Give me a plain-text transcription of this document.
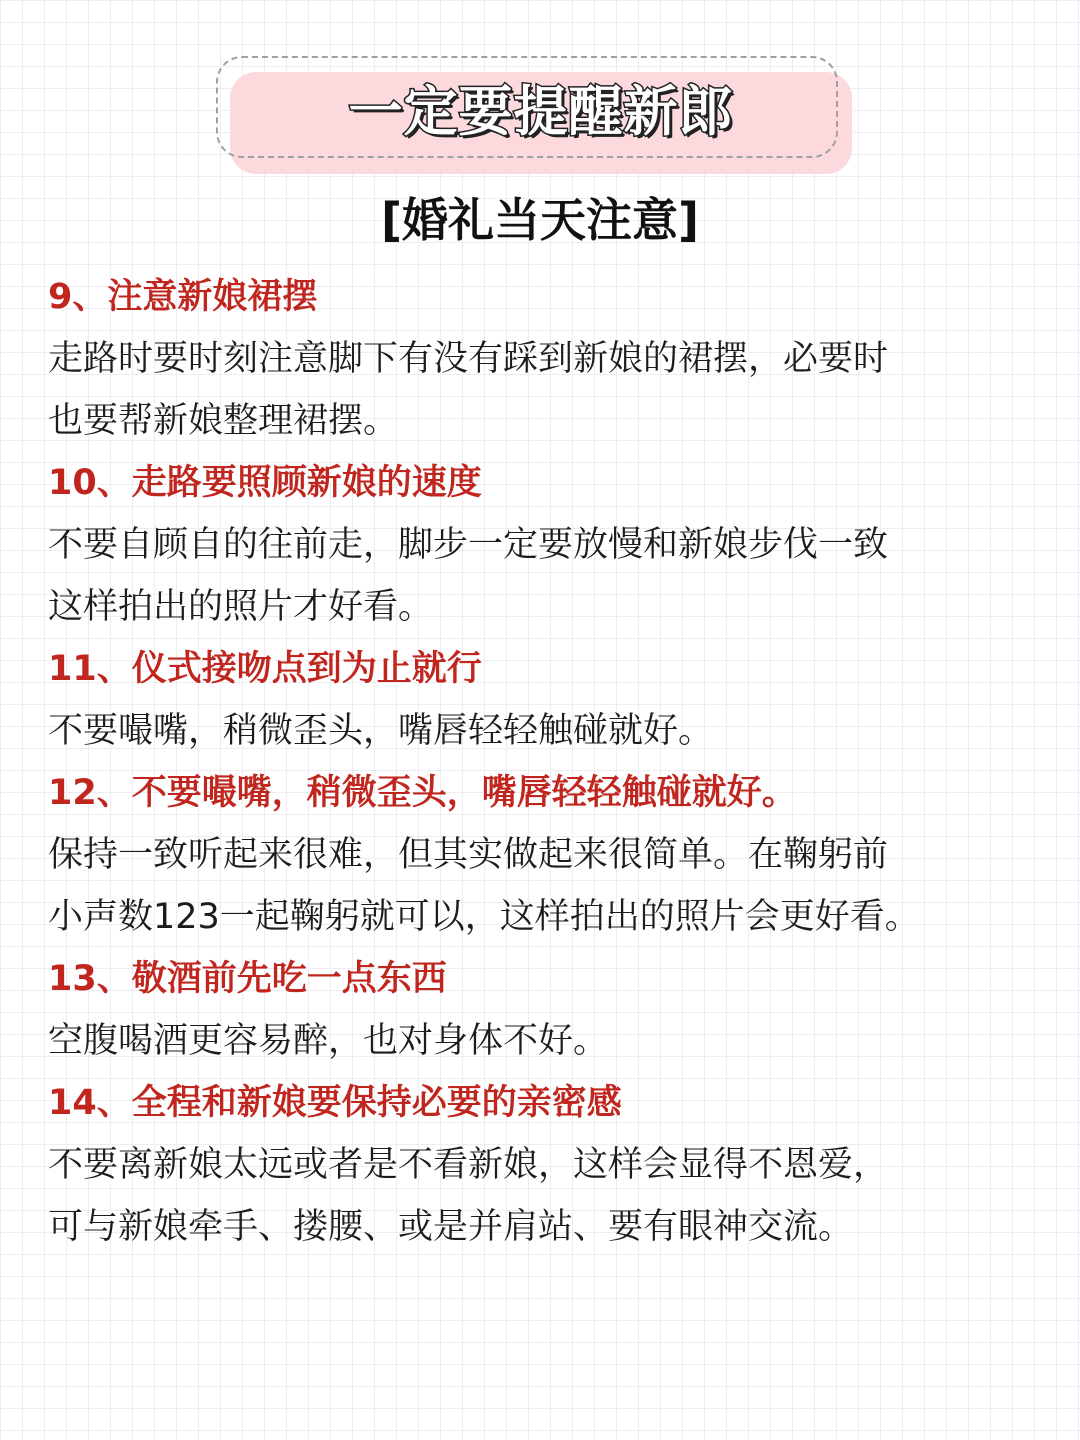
一定要提醒新郎
[婚礼当天注意]
9、注意新娘裙摆
走路时要时刻注意脚下有没有踩到新娘的裙摆，必要时
也要帮新娘整理裙摆。
10、走路要照顾新娘的速度
不要自顾自的往前走，脚步一定要放慢和新娘步伐一致
这样拍出的照片才好看。
11、仪式接吻点到为止就行
不要嘬嘴，稍微歪头，嘴唇轻轻触碰就好。
12、不要嘬嘴，稍微歪头，嘴唇轻轻触碰就好。
保持一致听起来很难，但其实做起来很简单。在鞠躬前
小声数123一起鞠躬就可以，这样拍出的照片会更好看。
13、敬酒前先吃一点东西
空腹喝酒更容易醉，也对身体不好。
14、全程和新娘要保持必要的亲密感
不要离新娘太远或者是不看新娘，这样会显得不恩爱，
可与新娘牵手、搂腰、或是并肩站、要有眼神交流。
